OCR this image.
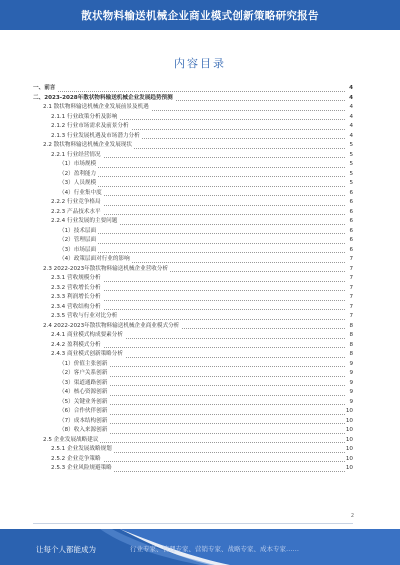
散状物料输送机械企业商业模式创新策略研究报告
内容目录
一、前言	4
二、2023-2028年散状物料输送机械企业发展趋势预测	4
2.1 散状物料输送机械企业发展前景及机遇	4
2.1.1 行业政策分析及影响	4
2.1.2 行业市场需求及前景分析	4
2.1.3 行业发展机遇及市场潜力分析	4
2.2 散状物料输送机械企业发展现状	5
2.2.1 行业经营情况	5
（1）市场规模	5
（2）盈利能力	5
（3）人员规模	5
（4）行业集中度	6
2.2.2 行业竞争格局	6
2.2.3 产品技术水平	6
2.2.4 行业发展的主要问题	6
（1）技术层面	6
（2）管理层面	6
（3）市场层面	6
（4）政策层面对行业的影响	7
2.3 2022-2023年散状物料输送机械企业营收分析	7
2.3.1 营收规模分析	7
2.3.2 营收增长分析	7
2.3.3 利润增长分析	7
2.3.4 营收结构分析	7
2.3.5 营收与行业对比分析	7
2.4 2022-2023年散状物料输送机械企业商业模式分析	8
2.4.1 商业模式构成要素分析	8
2.4.2 盈利模式分析	8
2.4.3 商业模式创新策略分析	8
（1）价值主张创新	9
（2）客户关系创新	9
（3）渠道通路创新	9
（4）核心资源创新	9
（5）关键业务创新	9
（6）合作伙伴创新	10
（7）成本结构创新	10
（8）收入来源创新	10
2.5 企业发展战略建议	10
2.5.1 企业发展战略规划	10
2.5.2 企业竞争策略	10
2.5.3 企业风险规避策略	10
2
让每个人都能成为	行业专家、管理专家、营销专家、战略专家、成本专家……
